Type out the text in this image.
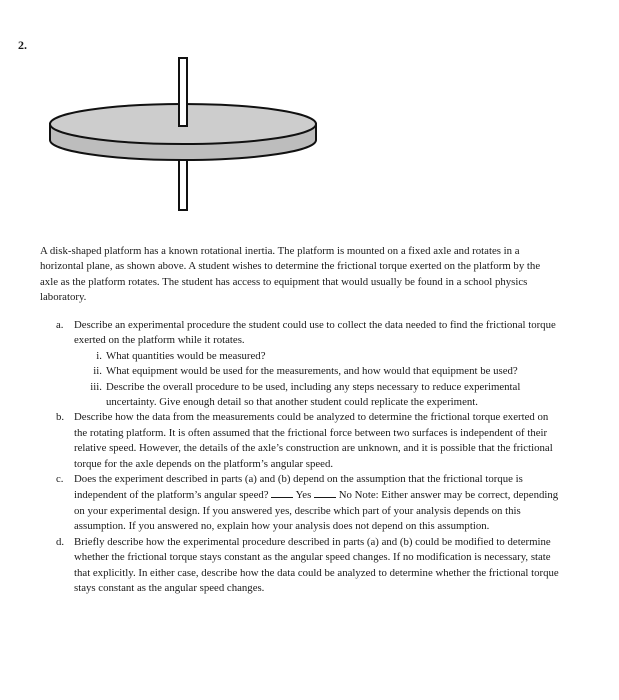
2.

A disk-shaped platform has a known rotational inertia. The platform is mounted on a fixed axle and rotates in a horizontal plane, as shown above. A student wishes to determine the frictional torque exerted on the platform by the axle as the platform rotates. The student has access to equipment that would usually be found in a school physics laboratory.

a. Describe an experimental procedure the student could use to collect the data needed to find the frictional torque exerted on the platform while it rotates.

i. What quantities would be measured?

ii. What equipment would be used for the measurements, and how would that equipment be used?

iii. Describe the overall procedure to be used, including any steps necessary to reduce experimental uncertainty. Give enough detail so that another student could replicate the experiment.

b. Describe how the data from the measurements could be analyzed to determine the frictional torque exerted on the rotating platform. It is often assumed that the frictional force between two surfaces is independent of their relative speed. However, the details of the axle’s construction are unknown, and it is possible that the frictional torque for the axle depends on the platform’s angular speed.

c. Does the experiment described in parts (a) and (b) depend on the assumption that the frictional torque is independent of the platform’s angular speed?	Yes	No Note: Either answer may be correct, depending on your experimental design. If you answered yes, describe which part of your analysis depends on this assumption. If you answered no, explain how your analysis does not depend on this assumption.

d. Briefly describe how the experimental procedure described in parts (a) and (b) could be modified to determine whether the frictional torque stays constant as the angular speed changes. If no modification is necessary, state that explicitly. In either case, describe how the data could be analyzed to determine whether the frictional torque stays constant as the angular speed changes.
